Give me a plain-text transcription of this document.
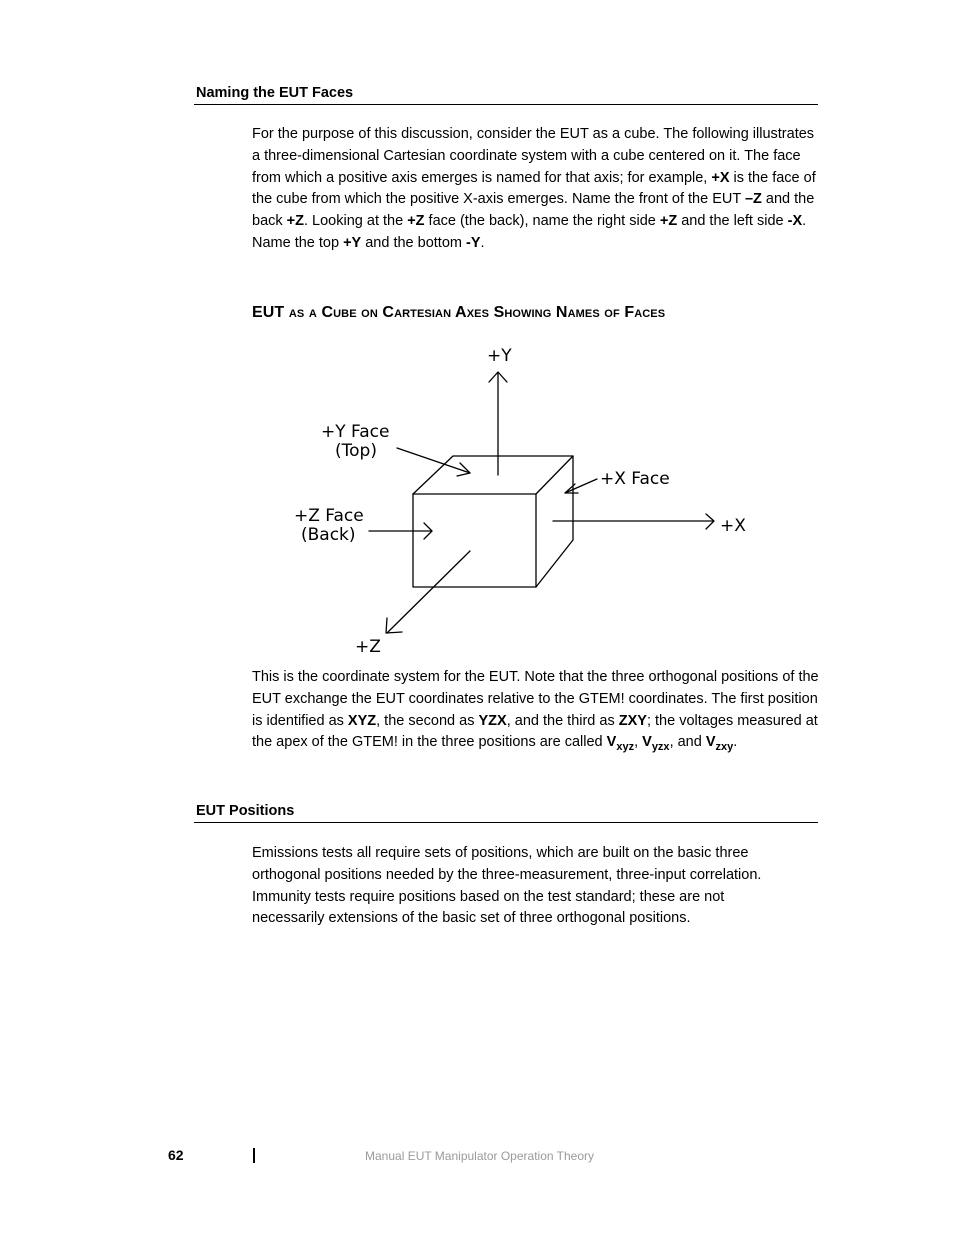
Naming the EUT Faces
For the purpose of this discussion, consider the EUT as a cube. The following illustrates a three-dimensional Cartesian coordinate system with a cube centered on it. The face from which a positive axis emerges is named for that axis; for example, +X is the face of the cube from which the positive X-axis emerges. Name the front of the EUT –Z and the back +Z. Looking at the +Z face (the back), name the right side +Z and the left side -X. Name the top +Y and the bottom -Y.
EUT as a Cube on Cartesian Axes Showing Names of Faces
+Y
+X
+Z
+Y Face
(Top)
+X Face
+Z Face
(Back)
This is the coordinate system for the EUT. Note that the three orthogonal positions of the EUT exchange the EUT coordinates relative to the GTEM! coordinates. The first position is identified as XYZ, the second as YZX, and the third as ZXY; the voltages measured at the apex of the GTEM! in the three positions are called $V_{xyz}$, $V_{yzx}$, and $V_{zxy}$.
EUT Positions
Emissions tests all require sets of positions, which are built on the basic three orthogonal positions needed by the three-measurement, three-input correlation. Immunity tests require positions based on the test standard; these are not necessarily extensions of the basic set of three orthogonal positions.
62	Manual EUT Manipulator Operation Theory
